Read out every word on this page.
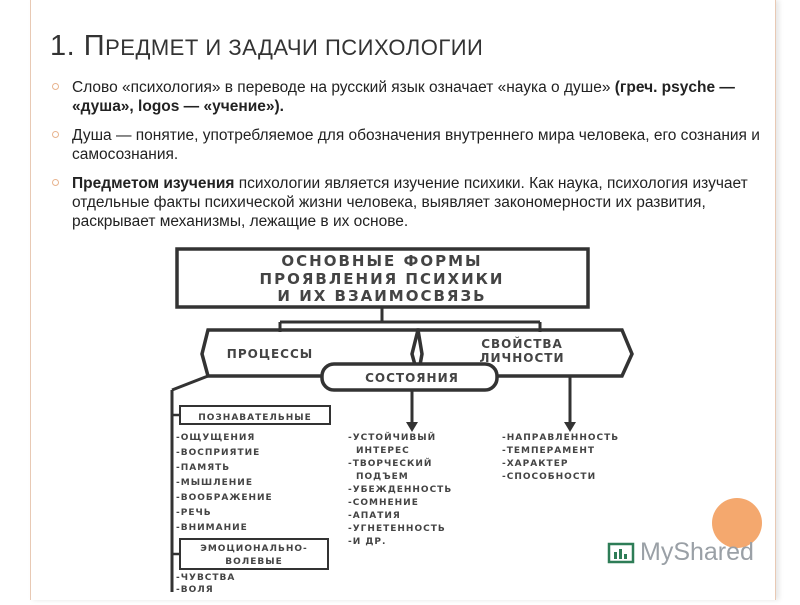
1. ПРЕДМЕТ И ЗАДАЧИ ПСИХОЛОГИИ
Слово «психология» в переводе на русский язык означает «наука о душе» (греч. psyche — «душа», logos — «учение»).
Душа — понятие, употребляемое для обозначения внутреннего мира человека, его сознания и самосознания.
Предметом изучения психологии является изучение психики. Как наука, психология изучает отдельные факты психической жизни человека, выявляет закономерности их развития, раскрывает механизмы, лежащие в их основе.
ОСНОВНЫЕ ФОРМЫ
ПРОЯВЛЕНИЯ ПСИХИКИ
И ИХ ВЗАИМОСВЯЗЬ
ПРОЦЕССЫ
СВОЙСТВА
ЛИЧНОСТИ
СОСТОЯНИЯ
ПОЗНАВАТЕЛЬНЫЕ
ЭМОЦИОНАЛЬНО-
ВОЛЕВЫЕ
-ОЩУЩЕНИЯ
-ВОСПРИЯТИЕ
-ПАМЯТЬ
-МЫШЛЕНИЕ
-ВООБРАЖЕНИЕ
-РЕЧЬ
-ВНИМАНИЕ
-ЧУВСТВА
-ВОЛЯ
-УСТОЙЧИВЫЙ
ИНТЕРЕС
-ТВОРЧЕСКИЙ
ПОДЪЕМ
-УБЕЖДЕННОСТЬ
-СОМНЕНИЕ
-АПАТИЯ
-УГНЕТЕННОСТЬ
-И ДР.
-НАПРАВЛЕННОСТЬ
-ТЕМПЕРАМЕНТ
-ХАРАКТЕР
-СПОСОБНОСТИ
MyShared
